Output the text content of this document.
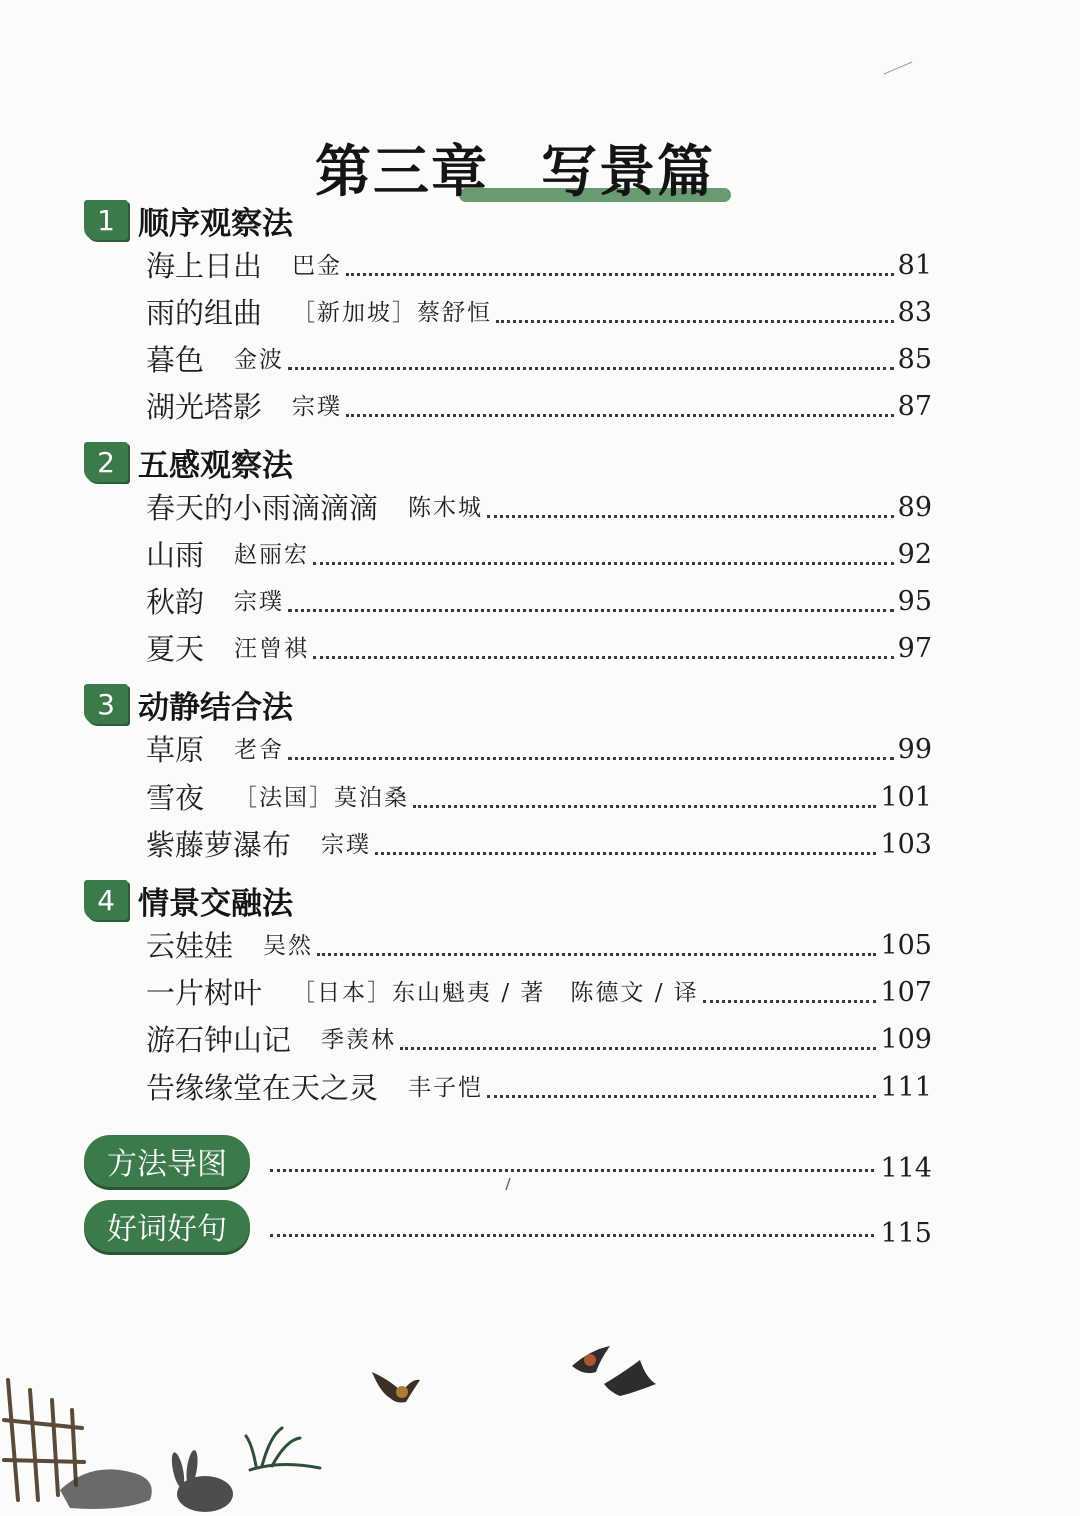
第三章 写景篇
1 顺序观察法
海上日出 巴金	81
雨的组曲 ［新加坡］蔡舒恒	83
暮色 金波	85
湖光塔影 宗璞	87
2 五感观察法
春天的小雨滴滴滴 陈木城	89
山雨 赵丽宏	92
秋韵 宗璞	95
夏天 汪曾祺	97
3 动静结合法
草原 老舍	99
雪夜 ［法国］莫泊桑	101
紫藤萝瀑布 宗璞	103
4 情景交融法
云娃娃 吴然	105
一片树叶 ［日本］东山魁夷 / 著　陈德文 / 译	107
游石钟山记 季羡林	109
告缘缘堂在天之灵 丰子恺	111
方法导图	114
好词好句	115
